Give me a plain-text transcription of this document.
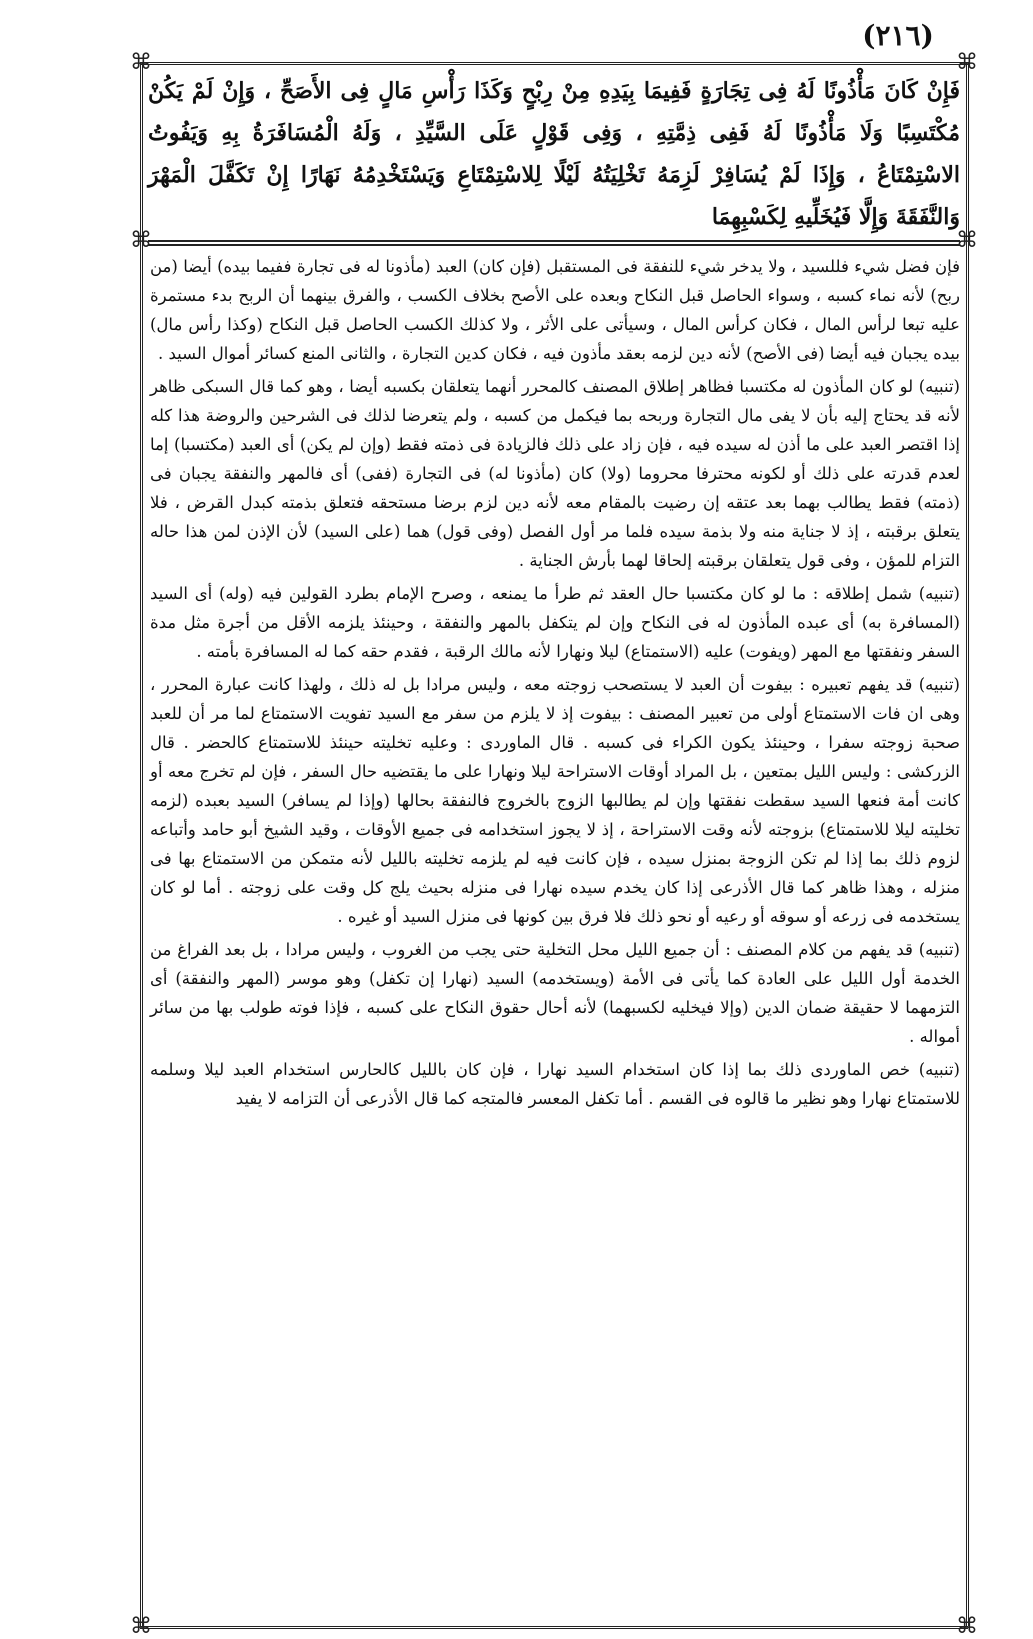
(٢١٦)
⌘
⌘
⌘
⌘
⌘
⌘
فَإِنْ كَانَ مَأْذُونًا لَهُ فِى تِجَارَةٍ فَفِيمَا بِيَدِهِ مِنْ رِبْحٍ وَكَذَا رَأْسِ مَالٍ فِى الأَصَحِّ ، وَإِنْ لَمْ يَكُنْ مُكْتَسِبًا وَلَا مَأْذُونًا لَهُ فَفِى ذِمَّتِهِ ، وَفِى قَوْلٍ عَلَى السَّيِّدِ ، وَلَهُ الْمُسَافَرَةُ بِهِ وَيَفُوتُ الاسْتِمْتَاعُ ، وَإِذَا لَمْ يُسَافِرْ لَزِمَهُ تَخْلِيَتُهُ لَيْلًا لِلاسْتِمْتَاعِ وَيَسْتَخْدِمُهُ نَهَارًا إِنْ تَكَفَّلَ الْمَهْرَ وَالنَّفَقَةَ وَإِلَّا فَيُخَلِّيهِ لِكَسْبِهِمَا

فإن فضل شيء فللسيد ، ولا يدخر شيء للنفقة فى المستقبل (فإن كان) العبد (مأذونا له فى تجارة ففيما بيده) أيضا (من ربح) لأنه نماء كسبه ، وسواء الحاصل قبل النكاح وبعده على الأصح بخلاف الكسب ، والفرق بينهما أن الربح بدء مستمرة عليه تبعا لرأس المال ، فكان كرأس المال ، وسيأتى على الأثر ، ولا كذلك الكسب الحاصل قبل النكاح (وكذا رأس مال) بيده يجبان فيه أيضا (فى الأصح) لأنه دين لزمه بعقد مأذون فيه ، فكان كدين التجارة ، والثانى المنع كسائر أموال السيد .

(تنبيه) لو كان المأذون له مكتسبا فظاهر إطلاق المصنف كالمحرر أنهما يتعلقان بكسبه أيضا ، وهو كما قال السبكى ظاهر لأنه قد يحتاج إليه بأن لا يفى مال التجارة وربحه بما فيكمل من كسبه ، ولم يتعرضا لذلك فى الشرحين والروضة هذا كله إذا اقتصر العبد على ما أذن له سيده فيه ، فإن زاد على ذلك فالزيادة فى ذمته فقط (وإن لم يكن) أى العبد (مكتسبا) إما لعدم قدرته على ذلك أو لكونه محترفا محروما (ولا) كان (مأذونا له) فى التجارة (ففى) أى فالمهر والنفقة يجبان فى (ذمته) فقط يطالب بهما بعد عتقه إن رضيت بالمقام معه لأنه دين لزم برضا مستحقه فتعلق بذمته كبدل القرض ، فلا يتعلق برقبته ، إذ لا جناية منه ولا بذمة سيده فلما مر أول الفصل (وفى قول) هما (على السيد) لأن الإذن لمن هذا حاله التزام للمؤن ، وفى قول يتعلقان برقبته إلحاقا لهما بأرش الجناية .

(تنبيه) شمل إطلاقه : ما لو كان مكتسبا حال العقد ثم طرأ ما يمنعه ، وصرح الإمام بطرد القولين فيه (وله) أى السيد (المسافرة به) أى عبده المأذون له فى النكاح وإن لم يتكفل بالمهر والنفقة ، وحينئذ يلزمه الأقل من أجرة مثل مدة السفر ونفقتها مع المهر (ويفوت) عليه (الاستمتاع) ليلا ونهارا لأنه مالك الرقبة ، فقدم حقه كما له المسافرة بأمته .

(تنبيه) قد يفهم تعبيره : بيفوت أن العبد لا يستصحب زوجته معه ، وليس مرادا بل له ذلك ، ولهذا كانت عبارة المحرر ، وهى ان فات الاستمتاع أولى من تعبير المصنف : بيفوت إذ لا يلزم من سفر مع السيد تفويت الاستمتاع لما مر أن للعبد صحبة زوجته سفرا ، وحينئذ يكون الكراء فى كسبه . قال الماوردى : وعليه تخليته حينئذ للاستمتاع كالحضر . قال الزركشى : وليس الليل بمتعين ، بل المراد أوقات الاستراحة ليلا ونهارا على ما يقتضيه حال السفر ، فإن لم تخرج معه أو كانت أمة فنعها السيد سقطت نفقتها وإن لم يطالبها الزوج بالخروج فالنفقة بحالها (وإذا لم يسافر) السيد بعبده (لزمه تخليته ليلا للاستمتاع) بزوجته لأنه وقت الاستراحة ، إذ لا يجوز استخدامه فى جميع الأوقات ، وقيد الشيخ أبو حامد وأتباعه لزوم ذلك بما إذا لم تكن الزوجة بمنزل سيده ، فإن كانت فيه لم يلزمه تخليته بالليل لأنه متمكن من الاستمتاع بها فى منزله ، وهذا ظاهر كما قال الأذرعى إذا كان يخدم سيده نهارا فى منزله بحيث يلج كل وقت على زوجته . أما لو كان يستخدمه فى زرعه أو سوقه أو رعيه أو نحو ذلك فلا فرق بين كونها فى منزل السيد أو غيره .

(تنبيه) قد يفهم من كلام المصنف : أن جميع الليل محل التخلية حتى يجب من الغروب ، وليس مرادا ، بل بعد الفراغ من الخدمة أول الليل على العادة كما يأتى فى الأمة (ويستخدمه) السيد (نهارا إن تكفل) وهو موسر (المهر والنفقة) أى التزمهما لا حقيقة ضمان الدين (وإلا فيخليه لكسبهما) لأنه أحال حقوق النكاح على كسبه ، فإذا فوته طولب بها من سائر أمواله .

(تنبيه) خص الماوردى ذلك بما إذا كان استخدام السيد نهارا ، فإن كان بالليل كالحارس استخدام العبد ليلا وسلمه للاستمتاع نهارا وهو نظير ما قالوه فى القسم . أما تكفل المعسر فالمتجه كما قال الأذرعى أن التزامه لا يفيد
